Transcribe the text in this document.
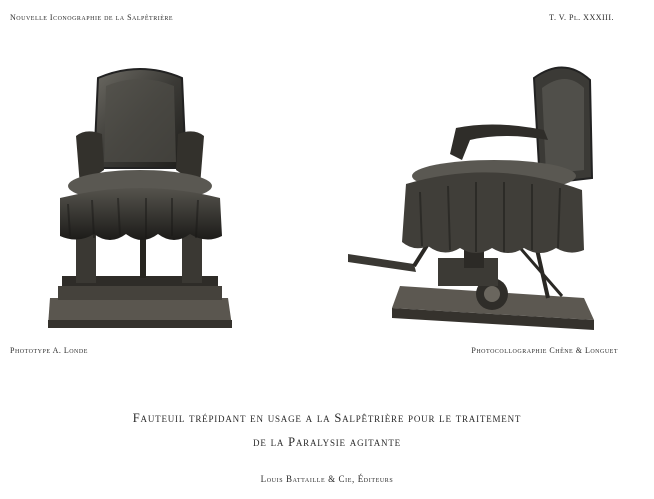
Nouvelle Iconographie de la Salpêtrière	T. V. Pl. XXXIII.
Phototype A. Londe	Photocollographie Chêne & Longuet
Fauteuil trépidant en usage a la Salpêtrière pour le traitement
de la Paralysie agitante
Louis Battaille & Cie, Éditeurs
